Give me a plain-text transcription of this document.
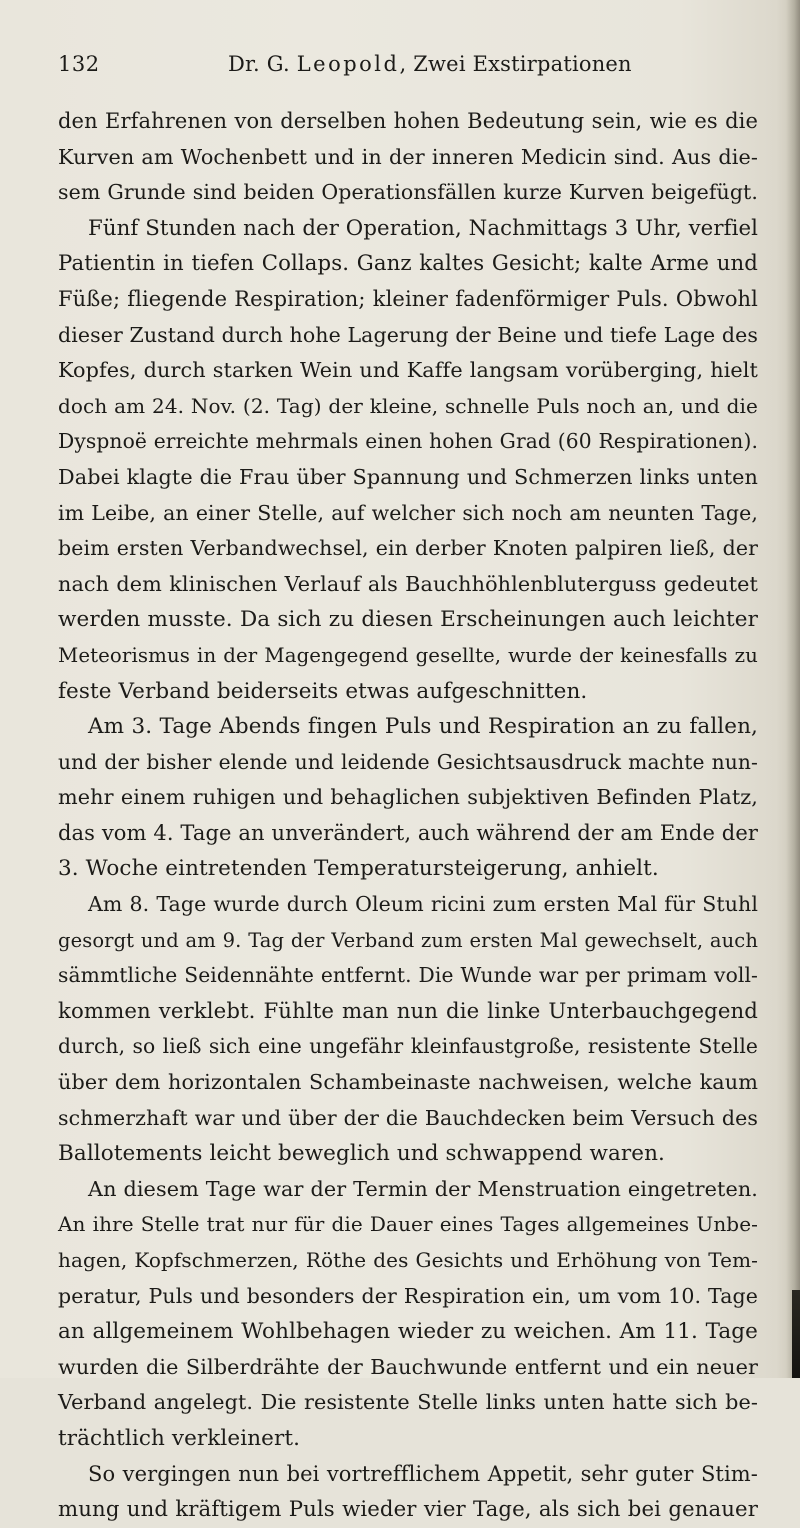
132	Dr. G. Leopold, Zwei Exstirpationen
den Erfahrenen von derselben hohen Bedeutung sein, wie es die
Kurven am Wochenbett und in der inneren Medicin sind. Aus die-
sem Grunde sind beiden Operationsfällen kurze Kurven beigefügt.
Fünf Stunden nach der Operation, Nachmittags 3 Uhr, verfiel
Patientin in tiefen Collaps. Ganz kaltes Gesicht; kalte Arme und
Füße; fliegende Respiration; kleiner fadenförmiger Puls. Obwohl
dieser Zustand durch hohe Lagerung der Beine und tiefe Lage des
Kopfes, durch starken Wein und Kaffe langsam vorüberging, hielt
doch am 24. Nov. (2. Tag) der kleine, schnelle Puls noch an, und die
Dyspnoë erreichte mehrmals einen hohen Grad (60 Respirationen).
Dabei klagte die Frau über Spannung und Schmerzen links unten
im Leibe, an einer Stelle, auf welcher sich noch am neunten Tage,
beim ersten Verbandwechsel, ein derber Knoten palpiren ließ, der
nach dem klinischen Verlauf als Bauchhöhlenbluterguss gedeutet
werden musste. Da sich zu diesen Erscheinungen auch leichter
Meteorismus in der Magengegend gesellte, wurde der keinesfalls zu
feste Verband beiderseits etwas aufgeschnitten.
Am 3. Tage Abends fingen Puls und Respiration an zu fallen,
und der bisher elende und leidende Gesichtsausdruck machte nun-
mehr einem ruhigen und behaglichen subjektiven Befinden Platz,
das vom 4. Tage an unverändert, auch während der am Ende der
3. Woche eintretenden Temperatursteigerung, anhielt.
Am 8. Tage wurde durch Oleum ricini zum ersten Mal für Stuhl
gesorgt und am 9. Tag der Verband zum ersten Mal gewechselt, auch
sämmtliche Seidennähte entfernt. Die Wunde war per primam voll-
kommen verklebt. Fühlte man nun die linke Unterbauchgegend
durch, so ließ sich eine ungefähr kleinfaustgroße, resistente Stelle
über dem horizontalen Schambeinaste nachweisen, welche kaum
schmerzhaft war und über der die Bauchdecken beim Versuch des
Ballotements leicht beweglich und schwappend waren.
An diesem Tage war der Termin der Menstruation eingetreten.
An ihre Stelle trat nur für die Dauer eines Tages allgemeines Unbe-
hagen, Kopfschmerzen, Röthe des Gesichts und Erhöhung von Tem-
peratur, Puls und besonders der Respiration ein, um vom 10. Tage
an allgemeinem Wohlbehagen wieder zu weichen. Am 11. Tage
wurden die Silberdrähte der Bauchwunde entfernt und ein neuer
Verband angelegt. Die resistente Stelle links unten hatte sich be-
trächtlich verkleinert.
So vergingen nun bei vortrefflichem Appetit, sehr guter Stim-
mung und kräftigem Puls wieder vier Tage, als sich bei genauer
